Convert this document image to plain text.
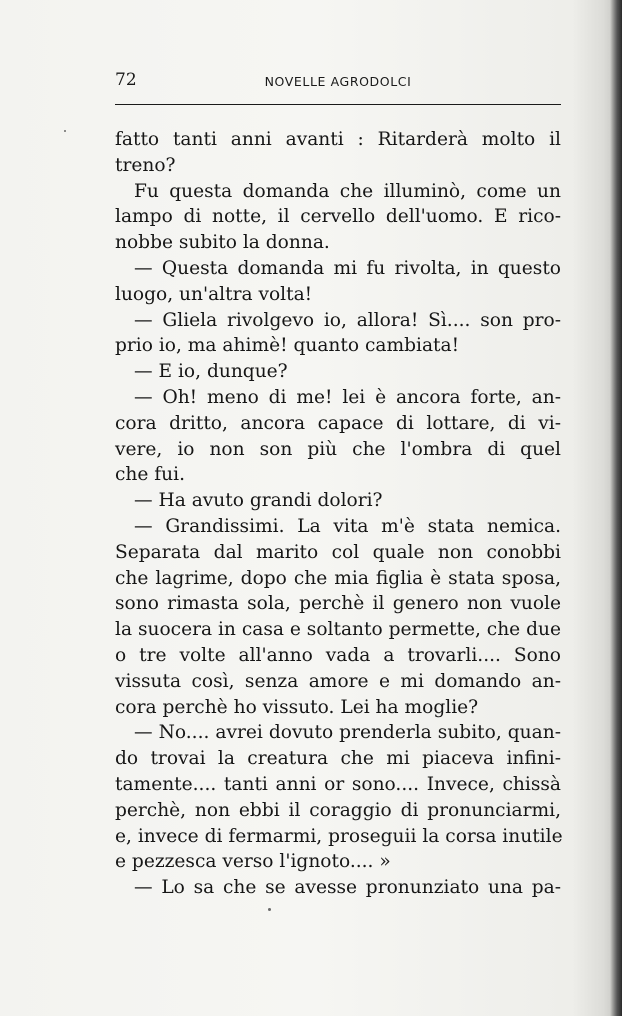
72	NOVELLE AGRODOLCI
fatto tanti anni avanti : Ritarderà molto il
treno?
Fu questa domanda che illuminò, come un
lampo di notte, il cervello dell'uomo. E rico-
nobbe subito la donna.
— Questa domanda mi fu rivolta, in questo
luogo, un'altra volta!
— Gliela rivolgevo io, allora! Sì.... son pro-
prio io, ma ahimè! quanto cambiata!
— E io, dunque?
— Oh! meno di me! lei è ancora forte, an-
cora dritto, ancora capace di lottare, di vi-
vere, io non son più che l'ombra di quel
che fui.
— Ha avuto grandi dolori?
— Grandissimi. La vita m'è stata nemica.
Separata dal marito col quale non conobbi
che lagrime, dopo che mia figlia è stata sposa,
sono rimasta sola, perchè il genero non vuole
la suocera in casa e soltanto permette, che due
o tre volte all'anno vada a trovarli.... Sono
vissuta così, senza amore e mi domando an-
cora perchè ho vissuto. Lei ha moglie?
— No.... avrei dovuto prenderla subito, quan-
do trovai la creatura che mi piaceva infini-
tamente.... tanti anni or sono.... Invece, chissà
perchè, non ebbi il coraggio di pronunciarmi,
e, invece di fermarmi, proseguii la corsa inutile
e pezzesca verso l'ignoto.... »
— Lo sa che se avesse pronunziato una pa-
